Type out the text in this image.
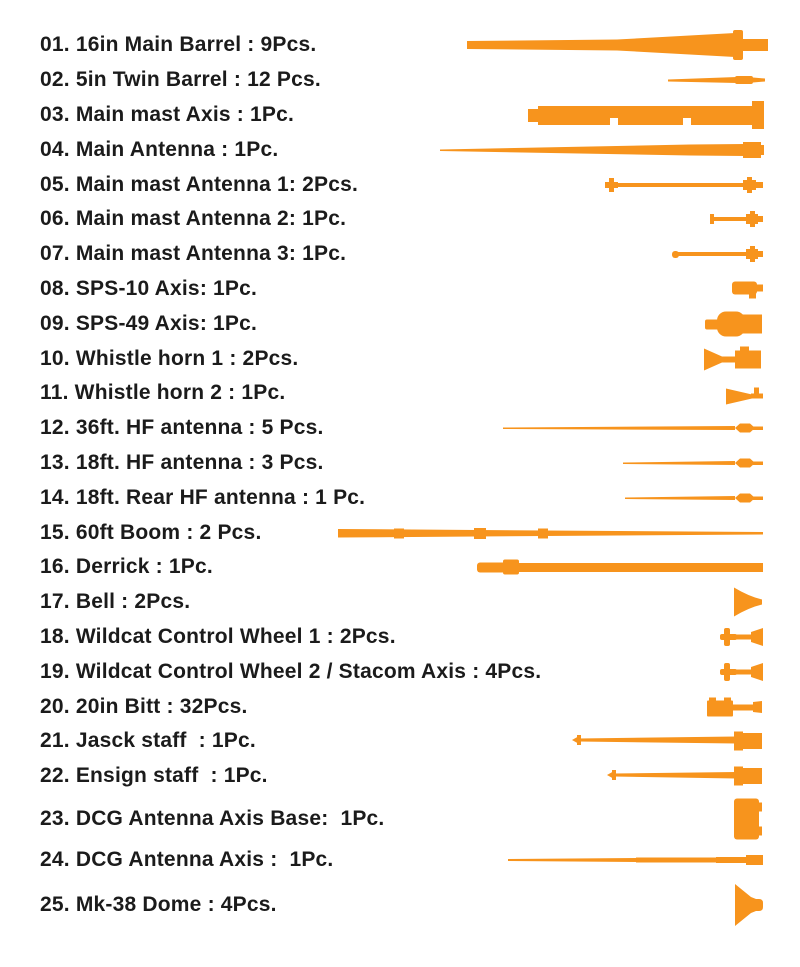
01. 16in Main Barrel : 9Pcs.
02. 5in Twin Barrel : 12 Pcs.
03. Main mast Axis : 1Pc.
04. Main Antenna : 1Pc.
05. Main mast Antenna 1: 2Pcs.
06. Main mast Antenna 2: 1Pc.
07. Main mast Antenna 3: 1Pc.
08. SPS-10 Axis: 1Pc.
09. SPS-49 Axis: 1Pc.
10. Whistle horn 1 : 2Pcs.
11. Whistle horn 2 : 1Pc.
12. 36ft. HF antenna : 5 Pcs.
13. 18ft. HF antenna : 3 Pcs.
14. 18ft. Rear HF antenna : 1 Pc.
15. 60ft Boom : 2 Pcs.
16. Derrick : 1Pc.
17. Bell : 2Pcs.
18. Wildcat Control Wheel 1 : 2Pcs.
19. Wildcat Control Wheel 2 / Stacom Axis : 4Pcs.
20. 20in Bitt : 32Pcs.
21. Jasck staff  : 1Pc.
22. Ensign staff  : 1Pc.
23. DCG Antenna Axis Base:  1Pc.
24. DCG Antenna Axis :  1Pc.
25. Mk-38 Dome : 4Pcs.
